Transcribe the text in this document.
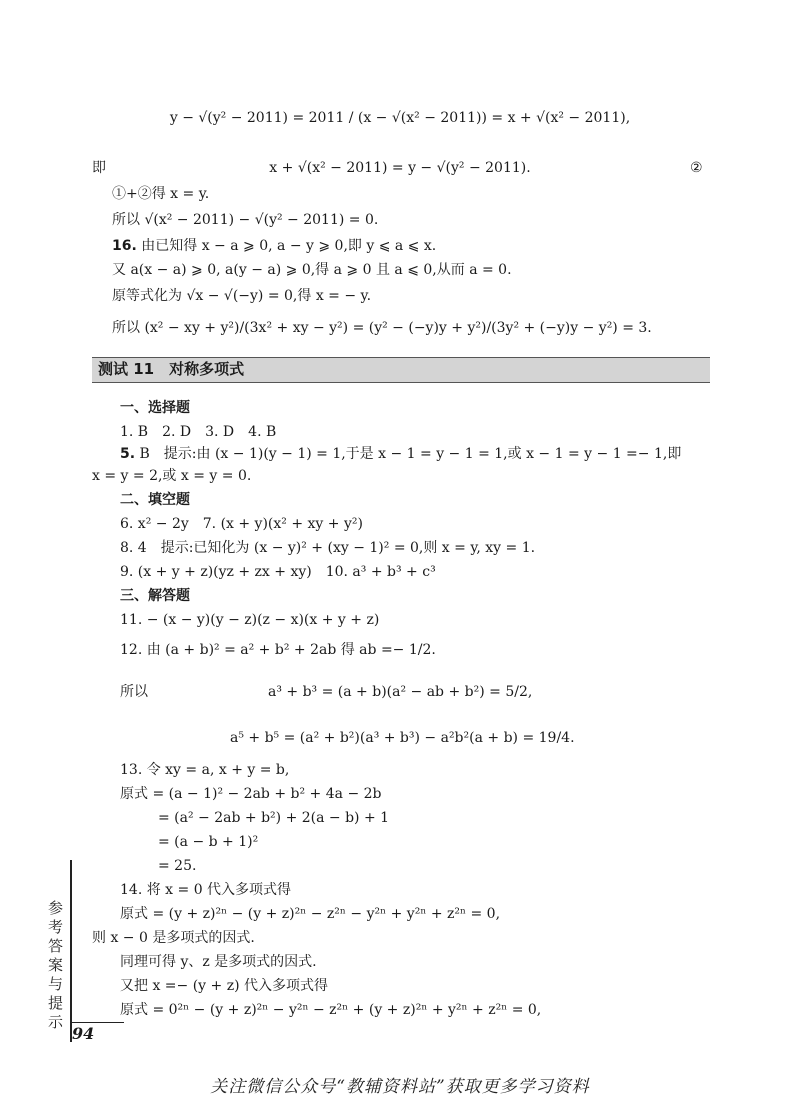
y − √(y² − 2011) = 2011 / (x − √(x² − 2011)) = x + √(x² − 2011),
即	x + √(x² − 2011) = y − √(y² − 2011).	②
①+②得 x = y.
所以 √(x² − 2011) − √(y² − 2011) = 0.
16. 由已知得 x − a ⩾ 0, a − y ⩾ 0,即 y ⩽ a ⩽ x.
又 a(x − a) ⩾ 0, a(y − a) ⩾ 0,得 a ⩾ 0 且 a ⩽ 0,从而 a = 0.
原等式化为 √x − √(−y) = 0,得 x = − y.
所以 (x² − xy + y²)/(3x² + xy − y²) = (y² − (−y)y + y²)/(3y² + (−y)y − y²) = 3.
测试 11　对称多项式
一、选择题
1. B　2. D　3. D　4. B
5. B　提示:由 (x − 1)(y − 1) = 1,于是 x − 1 = y − 1 = 1,或 x − 1 = y − 1 =− 1,即
x = y = 2,或 x = y = 0.
二、填空题
6. x² − 2y　7. (x + y)(x² + xy + y²)
8. 4　提示:已知化为 (x − y)² + (xy − 1)² = 0,则 x = y, xy = 1.
9. (x + y + z)(yz + zx + xy)　10. a³ + b³ + c³
三、解答题
11. − (x − y)(y − z)(z − x)(x + y + z)
12. 由 (a + b)² = a² + b² + 2ab 得 ab =− 1/2.
所以	a³ + b³ = (a + b)(a² − ab + b²) = 5/2,
a⁵ + b⁵ = (a² + b²)(a³ + b³) − a²b²(a + b) = 19/4.
13. 令 xy = a, x + y = b,
原式 = (a − 1)² − 2ab + b² + 4a − 2b
= (a² − 2ab + b²) + 2(a − b) + 1
= (a − b + 1)²
= 25.
14. 将 x = 0 代入多项式得
原式 = (y + z)²ⁿ − (y + z)²ⁿ − z²ⁿ − y²ⁿ + y²ⁿ + z²ⁿ = 0,
则 x − 0 是多项式的因式.
同理可得 y、z 是多项式的因式.
又把 x =− (y + z) 代入多项式得
原式 = 0²ⁿ − (y + z)²ⁿ − y²ⁿ − z²ⁿ + (y + z)²ⁿ + y²ⁿ + z²ⁿ = 0,
参考答案与提示
94
关注微信公众号“教辅资料站”获取更多学习资料
